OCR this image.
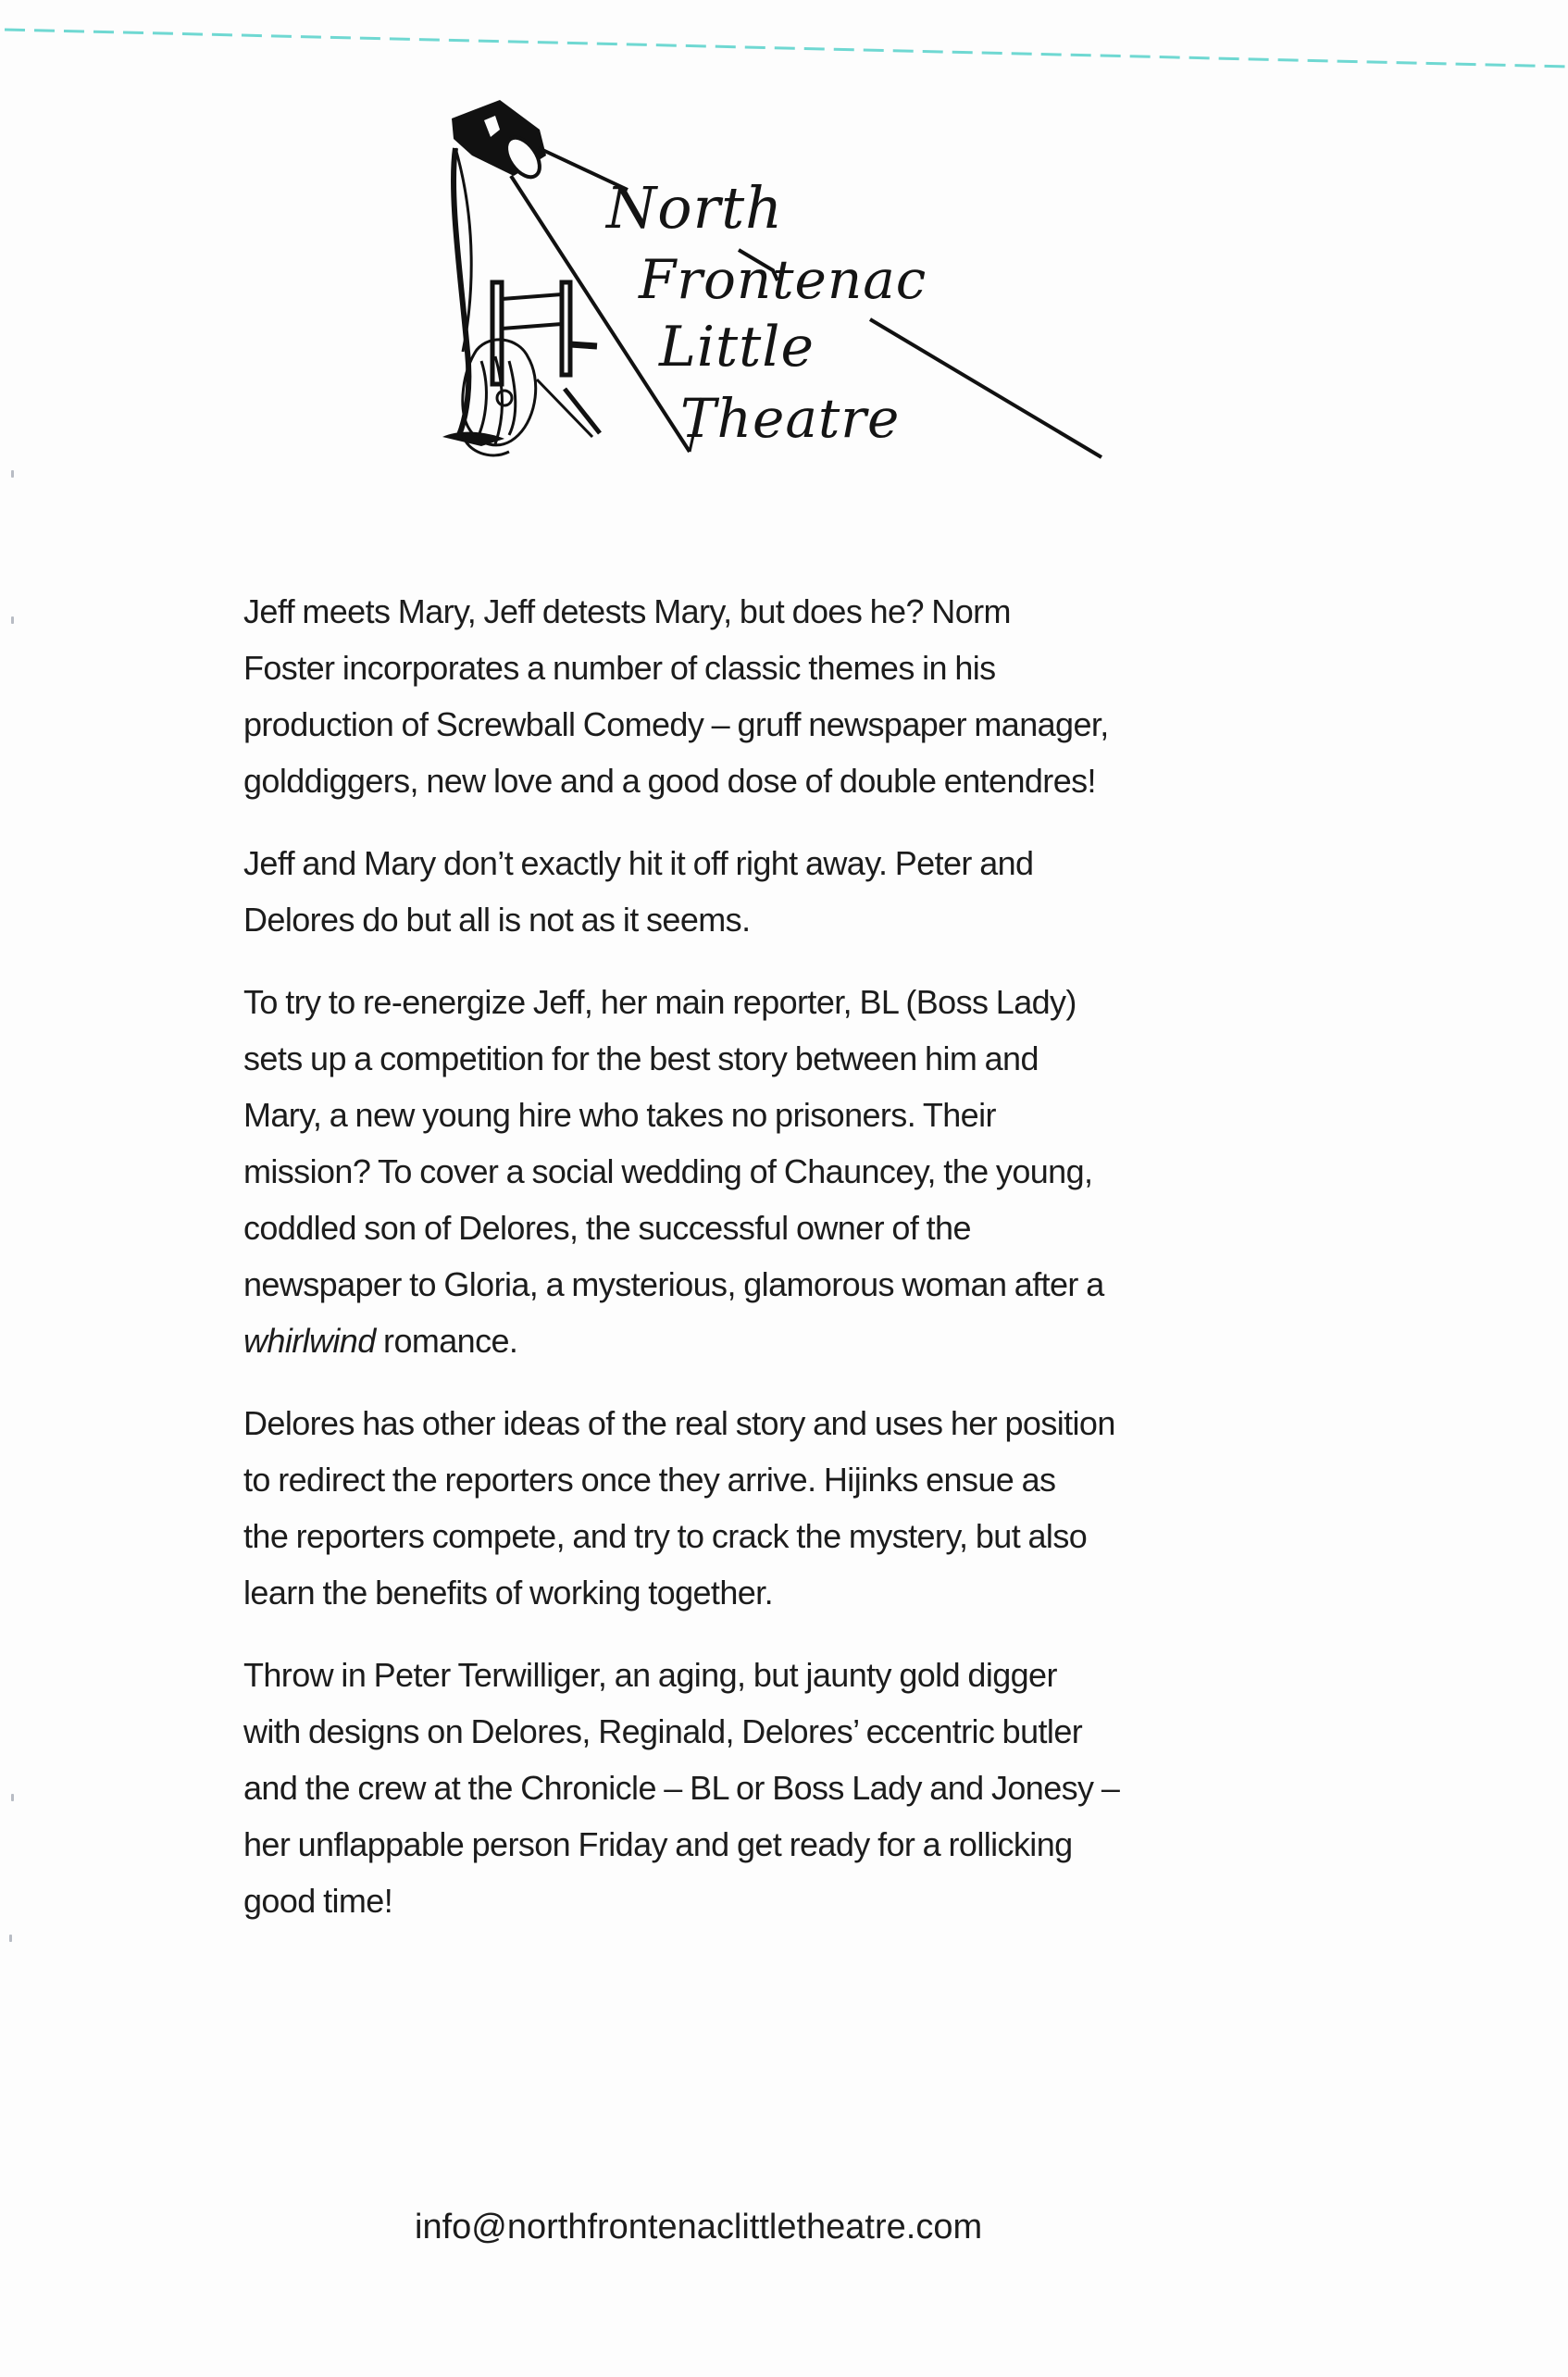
North
Frontenac
Little
Theatre

Jeff meets Mary, Jeff detests Mary, but does he? Norm
Foster incorporates a number of classic themes in his
production of Screwball Comedy – gruff newspaper manager,
golddiggers, new love and a good dose of double entendres!

Jeff and Mary don’t exactly hit it off right away. Peter and
Delores do but all is not as it seems.

To try to re-energize Jeff, her main reporter, BL (Boss Lady)
sets up a competition for the best story between him and
Mary, a new young hire who takes no prisoners. Their
mission? To cover a social wedding of Chauncey, the young,
coddled son of Delores, the successful owner of the
newspaper to Gloria, a mysterious, glamorous woman after a
whirlwind romance.

Delores has other ideas of the real story and uses her position
to redirect the reporters once they arrive. Hijinks ensue as
the reporters compete, and try to crack the mystery, but also
learn the benefits of working together.

Throw in Peter Terwilliger, an aging, but jaunty gold digger
with designs on Delores, Reginald, Delores’ eccentric butler
and the crew at the Chronicle – BL or Boss Lady and Jonesy –
her unflappable person Friday and get ready for a rollicking
good time!

info@northfrontenaclittletheatre.com
